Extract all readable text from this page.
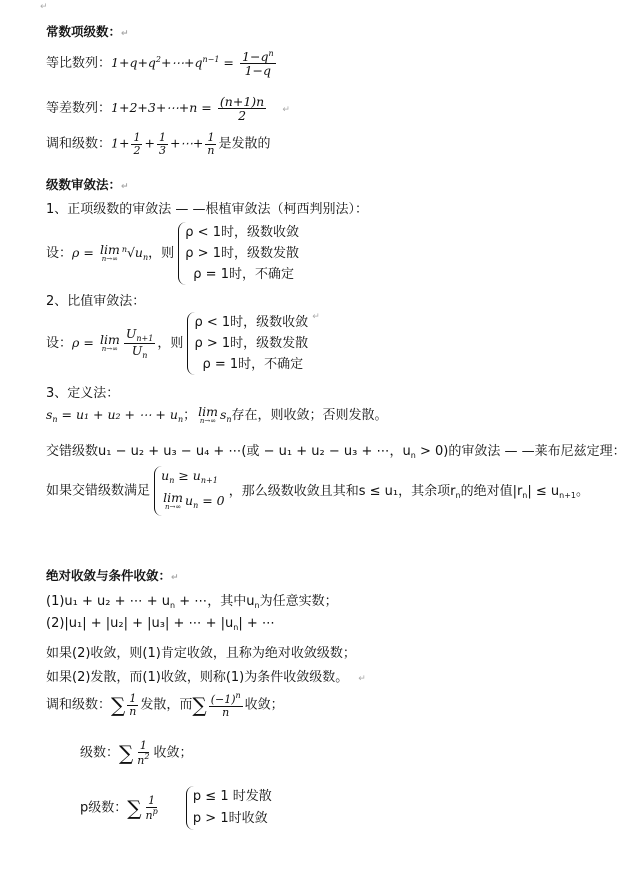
↵
常数项级数：↵
等比数列：$1+q+q^2+\cdots+q^{n-1} = \frac{1-q^n}{1-q}$
等差数列：1+2+3+⋯+n = $\frac{(n+1)n}{2}$ ↵
调和级数：$1+ \frac{1}{2} + \frac{1}{3}$ +⋯+ $\frac{1}{n}$ 是发散的
级数审敛法：↵
1、正项级数的审敛法 — —根植审敛法（柯西判别法）：
设：ρ = lim
n→∞
$^n√u_n$，则 ρ < 1时，级数收敛
ρ > 1时，级数发散
ρ = 1时，不确定
2、比值审敛法：
设：ρ = lim
$n\to\infty \frac{U_{n+1}}{U_n}$ ，则 ρ < 1时，级数收敛
ρ > 1时，级数发散
ρ = 1时，不确定 ↵
3、定义法：
$s_n = u_1 + u_2$ + ⋯ + $u_n$； lim
n→∞ $s_n$存在，则收敛；否则发散。
交错级数u₁ − u₂ + u₃ − u₄ + ⋯(或 − u₁ + u₂ − u₃ + ⋯，$u_n > 0$)的审敛法 — —莱布尼兹定理：
如果交错级数满足 $u_n \ge u_{n+1}$

lim
n→∞ $u_n = 0$ ，那么级数收敛且其和s ≤ u₁，其余项$r_n$的绝对值$|r_n| \le u_{n+1}$。
绝对收敛与条件收敛：↵
(1)u₁ + u₂ + ⋯ + $u_n$ + ⋯，其中$u_n$为任意实数；
(2)|u₁| + |u₂| + |u₃| + ⋯ + $|u_n|$ + ⋯
如果(2)收敛，则(1)肯定收敛，且称为绝对收敛级数；
如果(2)发散，而(1)收敛，则称(1)为条件收敛级数。 ↵
调和级数：∑ $\frac{1}{n}$ 发散，而∑ $\frac{(-1)^n}{n}$ 收敛；
级数：∑ $\frac{1}{n^2}$ 收敛；
p级数：∑ $\frac{1}{n^p}$	p ≤ 1 时发散
p > 1时收敛
